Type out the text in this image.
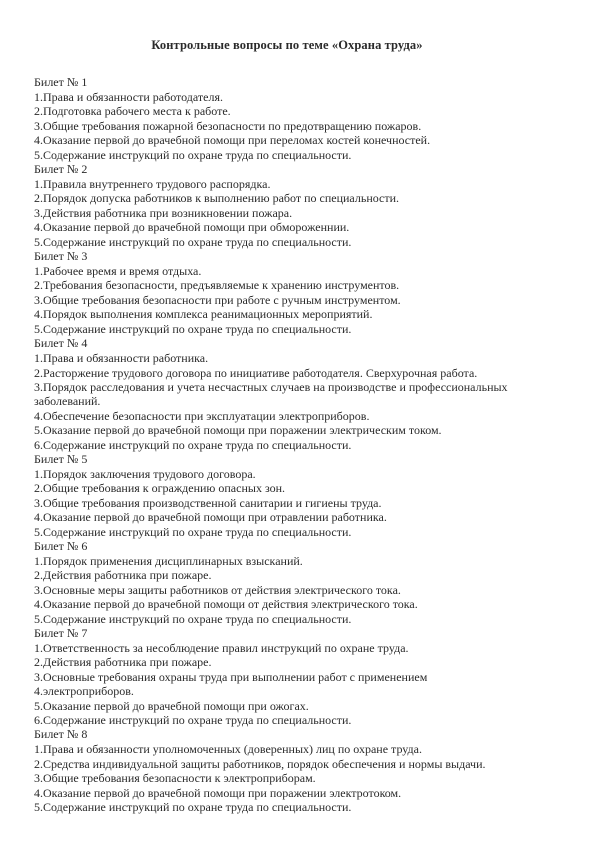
Контрольные вопросы по теме «Охрана труда»
Билет № 1
1.Права и обязанности работодателя.
2.Подготовка рабочего места к работе.
3.Общие требования пожарной безопасности по предотвращению пожаров.
4.Оказание первой до врачебной помощи при переломах костей конечностей.
5.Содержание инструкций по охране труда по специальности.
Билет № 2
1.Правила внутреннего трудового распорядка.
2.Порядок допуска работников к выполнению работ по специальности.
3.Действия работника при возникновении пожара.
4.Оказание первой до врачебной помощи при обмороженнии.
5.Содержание инструкций по охране труда по специальности.
Билет № 3
1.Рабочее время и время отдыха.
2.Требования безопасности, предъявляемые к хранению инструментов.
3.Общие требования безопасности при работе с ручным инструментом.
4.Порядок выполнения комплекса реанимационных мероприятий.
5.Содержание инструкций по охране труда по специальности.
Билет № 4
1.Права и обязанности работника.
2.Расторжение трудового договора по инициативе работодателя. Сверхурочная работа.
3.Порядок расследования и учета несчастных случаев на производстве и профессиональных заболеваний.
4.Обеспечение безопасности при эксплуатации электроприборов.
5.Оказание первой до врачебной помощи при поражении электрическим током.
6.Содержание инструкций по охране труда по специальности.
Билет № 5
1.Порядок заключения трудового договора.
2.Общие требования к ограждению опасных зон.
3.Общие требования производственной санитарии и гигиены труда.
4.Оказание первой до врачебной помощи при отравлении работника.
5.Содержание инструкций по охране труда по специальности.
Билет № 6
1.Порядок применения дисциплинарных взысканий.
2.Действия работника при пожаре.
3.Основные меры защиты работников от действия электрического тока.
4.Оказание первой до врачебной помощи от действия электрического тока.
5.Содержание инструкций по охране труда по специальности.
Билет № 7
1.Ответственность за несоблюдение правил инструкций по охране труда.
2.Действия работника при пожаре.
3.Основные требования охраны труда при выполнении работ с применением
4.электроприборов.
5.Оказание первой до врачебной помощи при ожогах.
6.Содержание инструкций по охране труда по специальности.
Билет № 8
1.Права и обязанности уполномоченных (доверенных) лиц по охране труда.
2.Средства индивидуальной защиты работников, порядок обеспечения и нормы выдачи.
3.Общие требования безопасности к электроприборам.
4.Оказание первой до врачебной помощи при поражении электротоком.
5.Содержание инструкций по охране труда по специальности.
